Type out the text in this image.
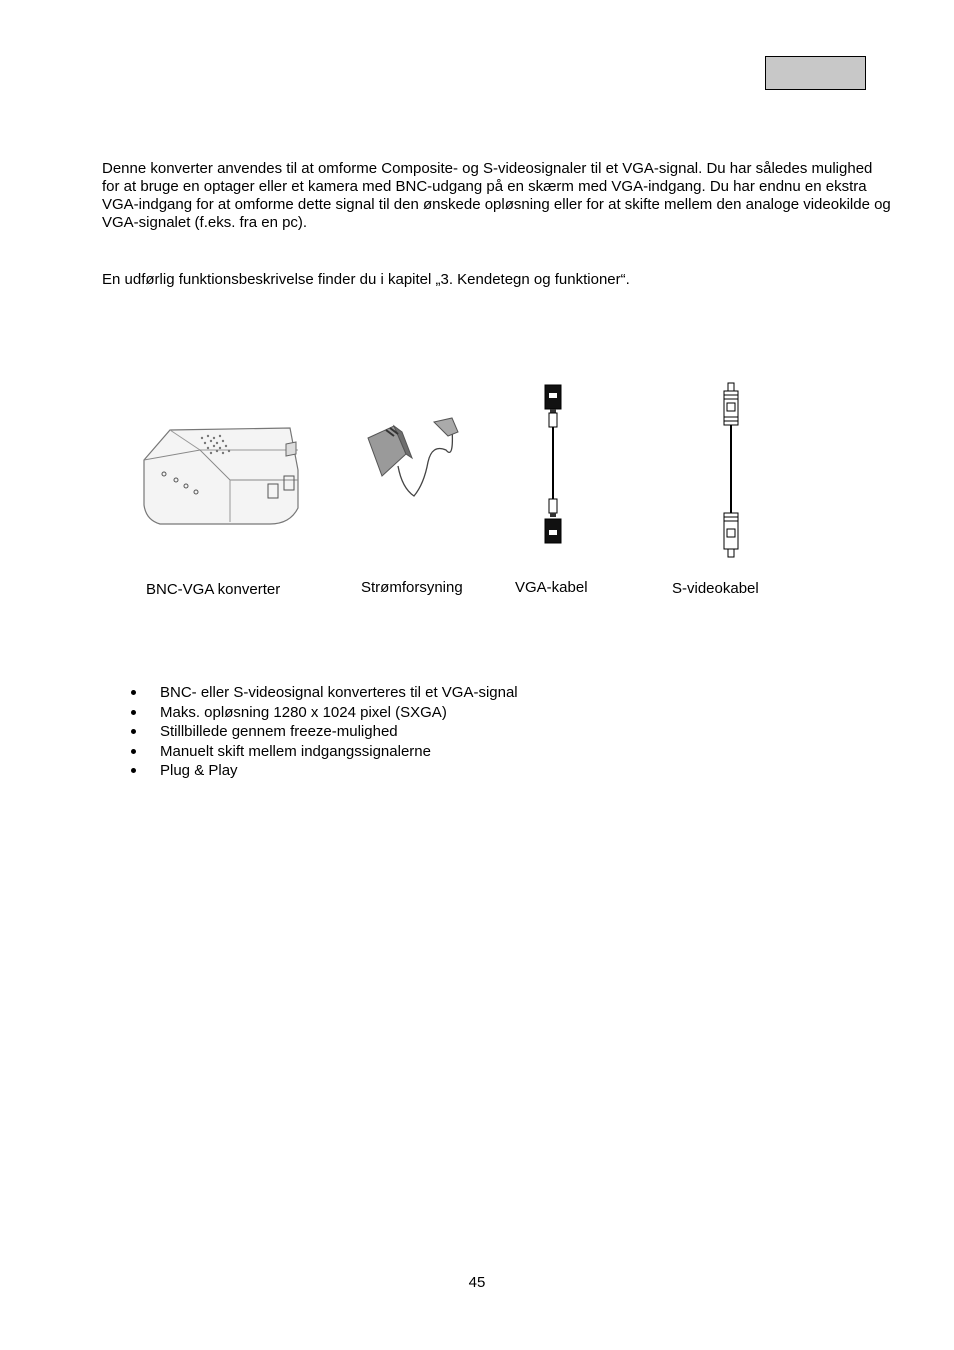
Denne konverter anvendes til at omforme Composite- og S-videosignaler til et VGA-signal. Du har således mulighed for at bruge en optager eller et kamera med BNC-udgang på en skærm med VGA-indgang. Du har endnu en ekstra VGA-indgang for at omforme dette signal til den ønskede opløsning eller for at skifte mellem den analoge videokilde og VGA-signalet (f.eks. fra en pc).
En udførlig funktionsbeskrivelse finder du i kapitel „3. Kendetegn og funktioner“.
BNC-VGA konverter	Strømforsyning	VGA-kabel	S-videokabel
BNC- eller S-videosignal konverteres til et VGA-signal
Maks. opløsning 1280 x 1024 pixel (SXGA)
Stillbillede gennem freeze-mulighed
Manuelt skift mellem indgangssignalerne
Plug & Play
45
